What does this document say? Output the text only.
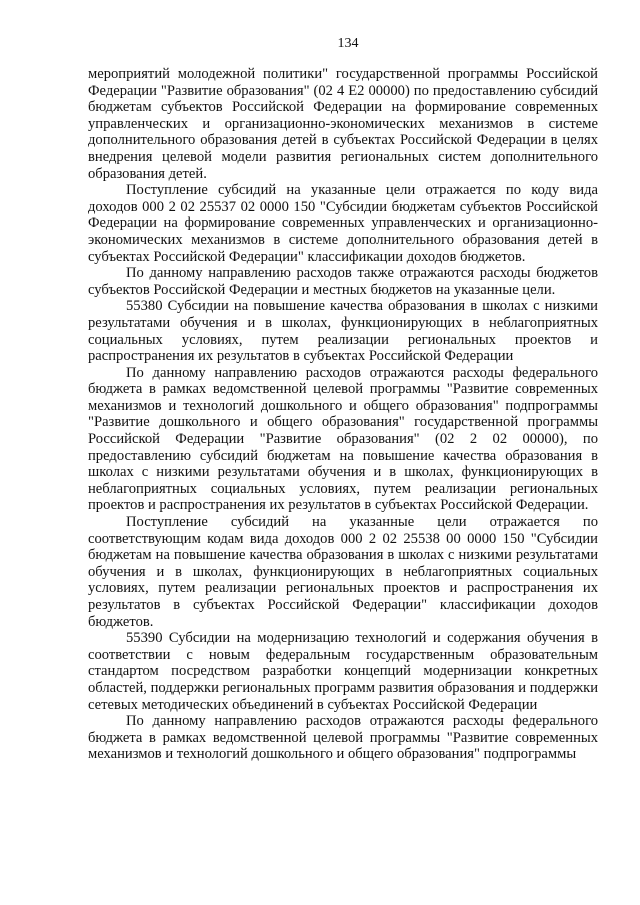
134

мероприятий молодежной политики" государственной программы Российской Федерации "Развитие образования" (02 4 Е2 00000) по предоставлению субсидий бюджетам субъектов Российской Федерации на формирование современных управленческих и организационно-экономических механизмов в системе дополнительного образования детей в субъектах Российской Федерации в целях внедрения целевой модели развития региональных систем дополнительного образования детей.

Поступление субсидий на указанные цели отражается по коду вида доходов 000 2 02 25537 02 0000 150 "Субсидии бюджетам субъектов Российской Федерации на формирование современных управленческих и организационно-экономических механизмов в системе дополнительного образования детей в субъектах Российской Федерации" классификации доходов бюджетов.

По данному направлению расходов также отражаются расходы бюджетов субъектов Российской Федерации и местных бюджетов на указанные цели.

55380 Субсидии на повышение качества образования в школах с низкими результатами обучения и в школах, функционирующих в неблагоприятных социальных условиях, путем реализации региональных проектов и распространения их результатов в субъектах Российской Федерации

По данному направлению расходов отражаются расходы федерального бюджета в рамках ведомственной целевой программы "Развитие современных механизмов и технологий дошкольного и общего образования" подпрограммы "Развитие дошкольного и общего образования" государственной программы Российской Федерации "Развитие образования" (02 2 02 00000), по предоставлению субсидий бюджетам на повышение качества образования в школах с низкими результатами обучения и в школах, функционирующих в неблагоприятных социальных условиях, путем реализации региональных проектов и распространения их результатов в субъектах Российской Федерации.

Поступление субсидий на указанные цели отражается по соответствующим кодам вида доходов 000 2 02 25538 00 0000 150 "Субсидии бюджетам на повышение качества образования в школах с низкими результатами обучения и в школах, функционирующих в неблагоприятных социальных условиях, путем реализации региональных проектов и распространения их результатов в субъектах Российской Федерации" классификации доходов бюджетов.

55390 Субсидии на модернизацию технологий и содержания обучения в соответствии с новым федеральным государственным образовательным стандартом посредством разработки концепций модернизации конкретных областей, поддержки региональных программ развития образования и поддержки сетевых методических объединений в субъектах Российской Федерации

По данному направлению расходов отражаются расходы федерального бюджета в рамках ведомственной целевой программы "Развитие современных механизмов и технологий дошкольного и общего образования" подпрограммы
